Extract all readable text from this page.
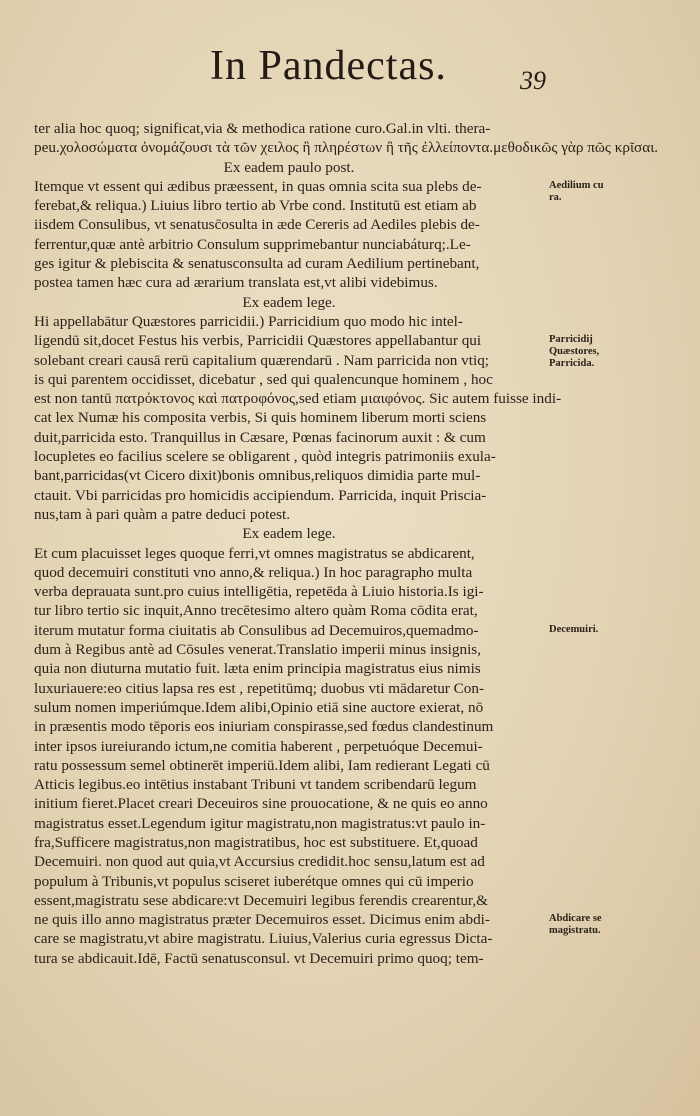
In Pandectas.	39
ter alia hoc quoq; significat,via & methodica ratione curo.Gal.in vlti. thera-
peu.χολοσώματα ὀνομάζουσι τὰ τῶν χειλος ἢ πληρέστων ἢ τῆς ἐλλείποντα.μεθοδικῶς γὰρ πῶς κρῖσαι.
Ex eadem paulo post.
Itemque vt essent qui ædibus præessent, in quas omnia scita sua plebs de-
ferebat,& reliqua.) Liuius libro tertio ab Vrbe cond. Institutū est etiam ab
iisdem Consulibus, vt senatusc̄osulta in æde Cereris ad Aediles plebis de-
ferrentur,quæ antè arbitrio Consulum supprimebantur nunciabáturq;.Le-
ges igitur & plebiscita & senatusconsulta ad curam Aedilium pertinebant,
postea tamen hæc cura ad ærarium translata est,vt alibi videbimus.
Ex eadem lege.
Hi appellabātur Quæstores parricidii.) Parricidium quo modo hic intel-
ligendū sit,docet Festus his verbis, Parricidii Quæstores appellabantur qui
solebant creari causā rerū capitalium quærendarū . Nam parricida non vtiq;
is qui parentem occidisset, dicebatur , sed qui qualencunque hominem , hoc
est non tantū πατρόκτονος καὶ πατροφόνος,sed etiam μιαιφόνος. Sic autem fuisse indi-
cat lex Numæ his composita verbis, Si quis hominem liberum morti sciens
duit,parricida esto. Tranquillus in Cæsare, Pœnas facinorum auxit : & cum
locupletes eo facilius scelere se obligarent , quòd integris patrimoniis exula-
bant,parricidas(vt Cicero dixit)bonis omnibus,reliquos dimidia parte mul-
ctauit. Vbi parricidas pro homicidis accipiendum. Parricida, inquit Priscia-
nus,tam à pari quàm a patre deduci potest.
Ex eadem lege.
Et cum placuisset leges quoque ferri,vt omnes magistratus se abdicarent,
quod decemuiri constituti vno anno,& reliqua.) In hoc paragrapho multa
verba deprauata sunt.pro cuius intelligētia, repetēda à Liuio historia.Is igi-
tur libro tertio sic inquit,Anno trecētesimo altero quàm Roma cōdita erat,
iterum mutatur forma ciuitatis ab Consulibus ad Decemuiros,quemadmo-
dum à Regibus antè ad Cōsules venerat.Translatio imperii minus insignis,
quia non diuturna mutatio fuit. læta enim principia magistratus eius nimis
luxuriauere:eo citius lapsa res est , repetitūmq; duobus vti mādaretur Con-
sulum nomen imperiúmque.Idem alibi,Opinio etiā sine auctore exierat, nō
in præsentis modo tēporis eos iniuriam conspirasse,sed fœdus clandestinum
inter ipsos iureiurando ictum,ne comitia haberent , perpetuóque Decemui-
ratu possessum semel obtinerēt imperiū.Idem alibi, Iam redierant Legati cū
Atticis legibus.eo intētius instabant Tribuni vt tandem scribendarū legum
initium fieret.Placet creari Deceuiros sine prouocatione, & ne quis eo anno
magistratus esset.Legendum igitur magistratu,non magistratus:vt paulo in-
fra,Sufficere magistratus,non magistratibus, hoc est substituere. Et,quoad
Decemuiri. non quod aut quia,vt Accursius credidit.hoc sensu,latum est ad
populum à Tribunis,vt populus sciseret iuberétque omnes qui cū imperio
essent,magistratu sese abdicare:vt Decemuiri legibus ferendis crearentur,&
ne quis illo anno magistratus præter Decemuiros esset. Dicimus enim abdi-
care se magistratu,vt abire magistratu. Liuius,Valerius curia egressus Dicta-
tura se abdicauit.Idē, Factū senatusconsul. vt Decemuiri primo quoq; tem-
Aedilium cu
ra.
Parricidij
Quæstores,
Parricida.
Decemuiri.
Abdicare se
magistratu.
